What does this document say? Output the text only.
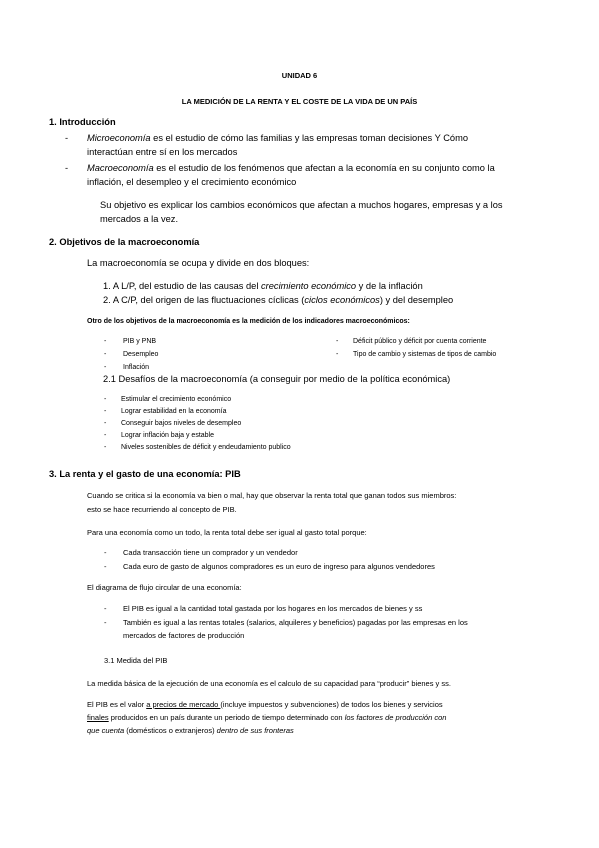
UNIDAD 6
LA MEDICIÓN DE LA RENTA Y EL COSTE DE LA VIDA DE UN PAÍS
1. Introducción
- Microeconomía es el estudio de cómo las familias y las empresas toman decisiones Y Cómo
interactúan entre sí en los mercados
- Macroeconomía es el estudio de los fenómenos que afectan a la economía en su conjunto como la
inflación, el desempleo y el crecimiento económico
Su objetivo es explicar los cambios económicos que afectan a muchos hogares, empresas y a los
mercados a la vez.
2. Objetivos de la macroeconomía
La macroeconomía se ocupa y divide en dos bloques:
1. A L/P, del estudio de las causas del crecimiento económico y de la inflación
2. A C/P, del origen de las fluctuaciones cíclicas (ciclos económicos) y del desempleo
Otro de los objetivos de la macroeconomía es la medición de los indicadores macroeconómicos:
- PIB y PNB
- Desempleo
- Inflación
- Déficit público y déficit por cuenta corriente
- Tipo de cambio y sistemas de tipos de cambio
2.1 Desafíos de la macroeconomía (a conseguir por medio de la política económica)
- Estimular el crecimiento económico
- Lograr estabilidad en la economía
- Conseguir bajos niveles de desempleo
- Lograr inflación baja y estable
- Niveles sostenibles de déficit y endeudamiento publico
3. La renta y el gasto de una economía: PIB
Cuando se critica si la economía va bien o mal, hay que observar la renta total que ganan todos sus miembros:
esto se hace recurriendo al concepto de PIB.
Para una economía como un todo, la renta total debe ser igual al gasto total porque:
- Cada transacción tiene un comprador y un vendedor
- Cada euro de gasto de algunos compradores es un euro de ingreso para algunos vendedores
El diagrama de flujo circular de una economía:
- El PIB es igual a la cantidad total gastada por los hogares en los mercados de bienes y ss
- También es igual a las rentas totales (salarios, alquileres y beneficios) pagadas por las empresas en los
mercados de factores de producción
3.1 Medida del PIB
La medida básica de la ejecución de una economía es el calculo de su capacidad para “producir” bienes y ss.
El PIB es el valor a precios de mercado (incluye impuestos y subvenciones) de todos los bienes y servicios
finales producidos en un país durante un periodo de tiempo determinado con los factores de producción con
que cuenta (domésticos o extranjeros) dentro de sus fronteras
